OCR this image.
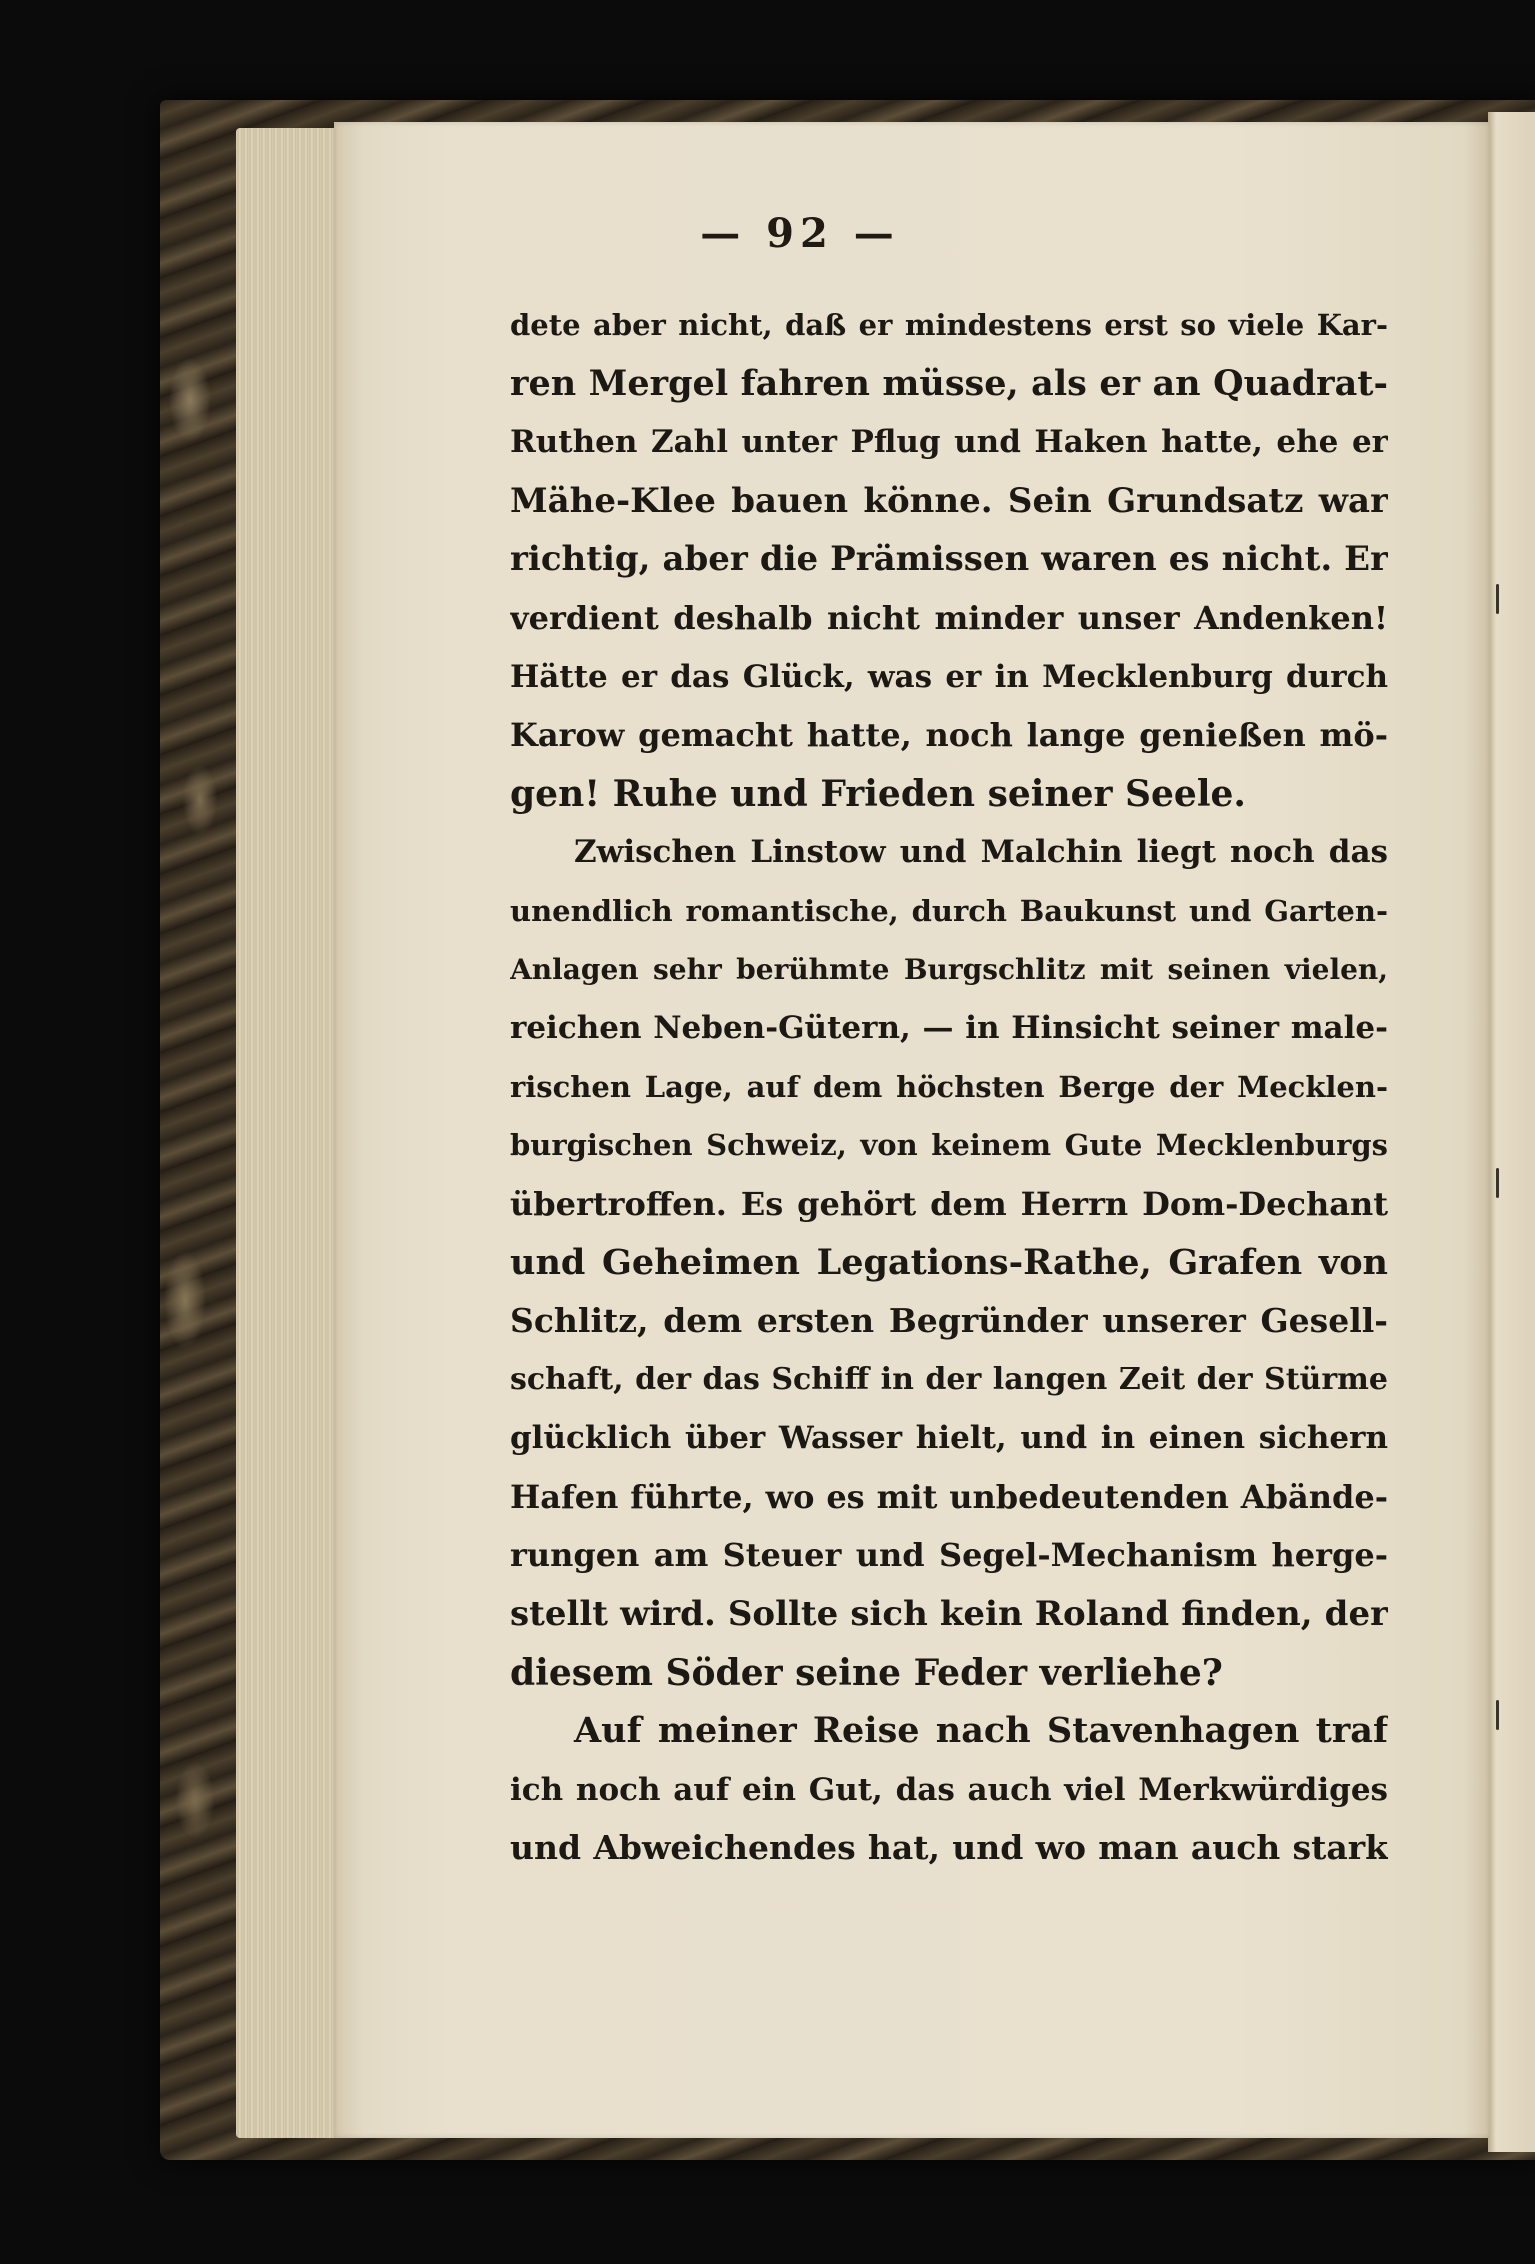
— 92 —
dete aber nicht, daß er mindestens erst so viele Kar-
ren Mergel fahren müsse, als er an Quadrat-
Ruthen Zahl unter Pflug und Haken hatte, ehe er
Mähe-Klee bauen könne. Sein Grundsatz war
richtig, aber die Prämissen waren es nicht. Er
verdient deshalb nicht minder unser Andenken!
Hätte er das Glück, was er in Mecklenburg durch
Karow gemacht hatte, noch lange genießen mö-
gen! Ruhe und Frieden seiner Seele.
Zwischen Linstow und Malchin liegt noch das
unendlich romantische, durch Baukunst und Garten-
Anlagen sehr berühmte Burgschlitz mit seinen vielen,
reichen Neben-Gütern, — in Hinsicht seiner male-
rischen Lage, auf dem höchsten Berge der Mecklen-
burgischen Schweiz, von keinem Gute Mecklenburgs
übertroffen. Es gehört dem Herrn Dom-Dechant
und Geheimen Legations-Rathe, Grafen von
Schlitz, dem ersten Begründer unserer Gesell-
schaft, der das Schiff in der langen Zeit der Stürme
glücklich über Wasser hielt, und in einen sichern
Hafen führte, wo es mit unbedeutenden Abände-
rungen am Steuer und Segel-Mechanism herge-
stellt wird. Sollte sich kein Roland finden, der
diesem Söder seine Feder verliehe?
Auf meiner Reise nach Stavenhagen traf
ich noch auf ein Gut, das auch viel Merkwürdiges
und Abweichendes hat, und wo man auch stark
